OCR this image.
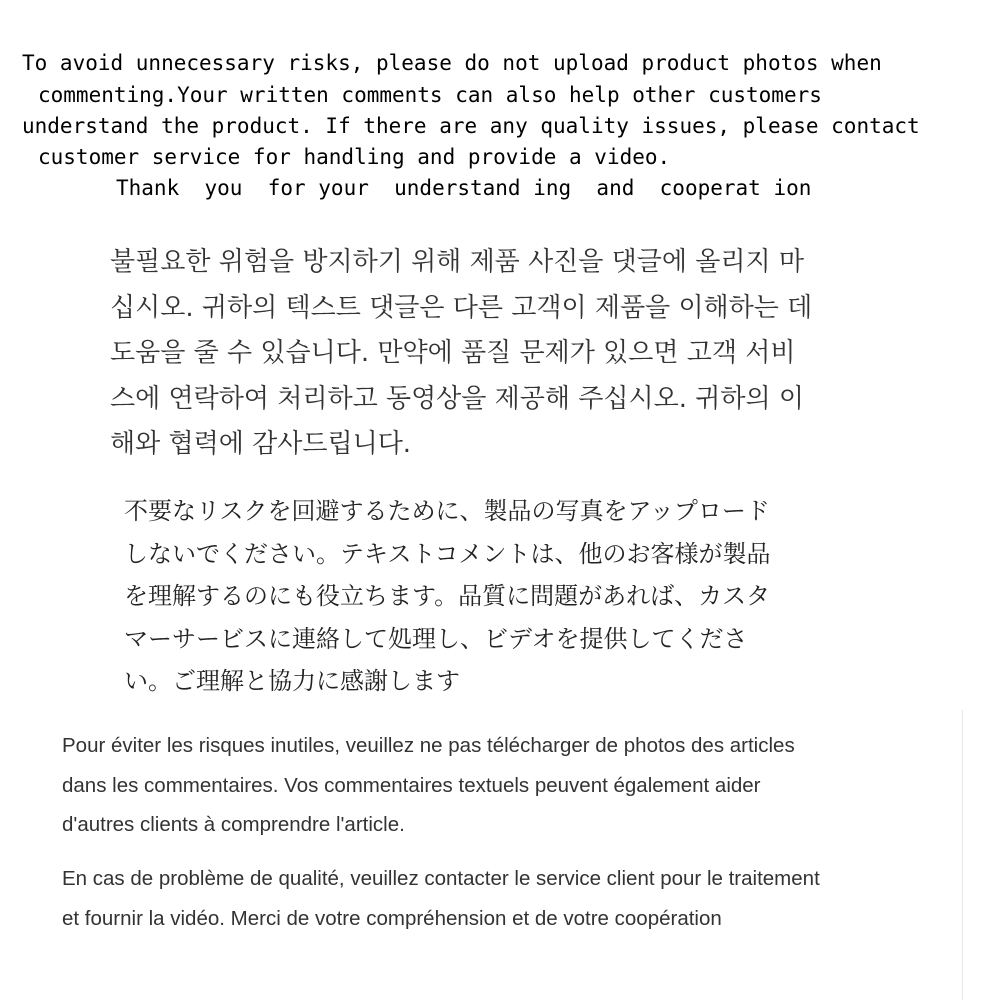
To avoid unnecessary risks, please do not upload product photos when
commenting.Your written comments can also help other customers
understand the product. If there are any quality issues, please contact
customer service for handling and provide a video.
Thank  you  for your  understand ing  and  cooperat ion
불필요한 위험을 방지하기 위해 제품 사진을 댓글에 올리지 마
십시오. 귀하의 텍스트 댓글은 다른 고객이 제품을 이해하는 데
도움을 줄 수 있습니다. 만약에 품질 문제가 있으면 고객 서비
스에 연락하여 처리하고 동영상을 제공해 주십시오. 귀하의 이
해와 협력에 감사드립니다.
不要なリスクを回避するために、製品の写真をアップロード
しないでください。テキストコメントは、他のお客様が製品
を理解するのにも役立ちます。品質に問題があれば、カスタ
マーサービスに連絡して処理し、ビデオを提供してくださ
い。ご理解と協力に感謝します
Pour éviter les risques inutiles, veuillez ne pas télécharger de photos des articles
dans les commentaires. Vos commentaires textuels peuvent également aider
d'autres clients à comprendre l'article.
En cas de problème de qualité, veuillez contacter le service client pour le traitement
et fournir la vidéo. Merci de votre compréhension et de votre coopération
